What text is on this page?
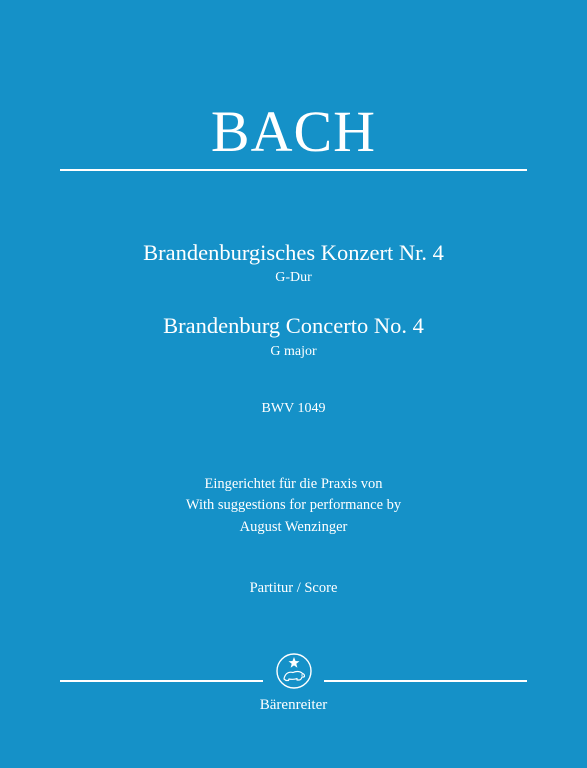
BACH
Brandenburgisches Konzert Nr. 4
G-Dur
Brandenburg Concerto No. 4
G major
BWV 1049
Eingerichtet für die Praxis von
With suggestions for performance by
August Wenzinger
Partitur / Score
Bärenreiter
